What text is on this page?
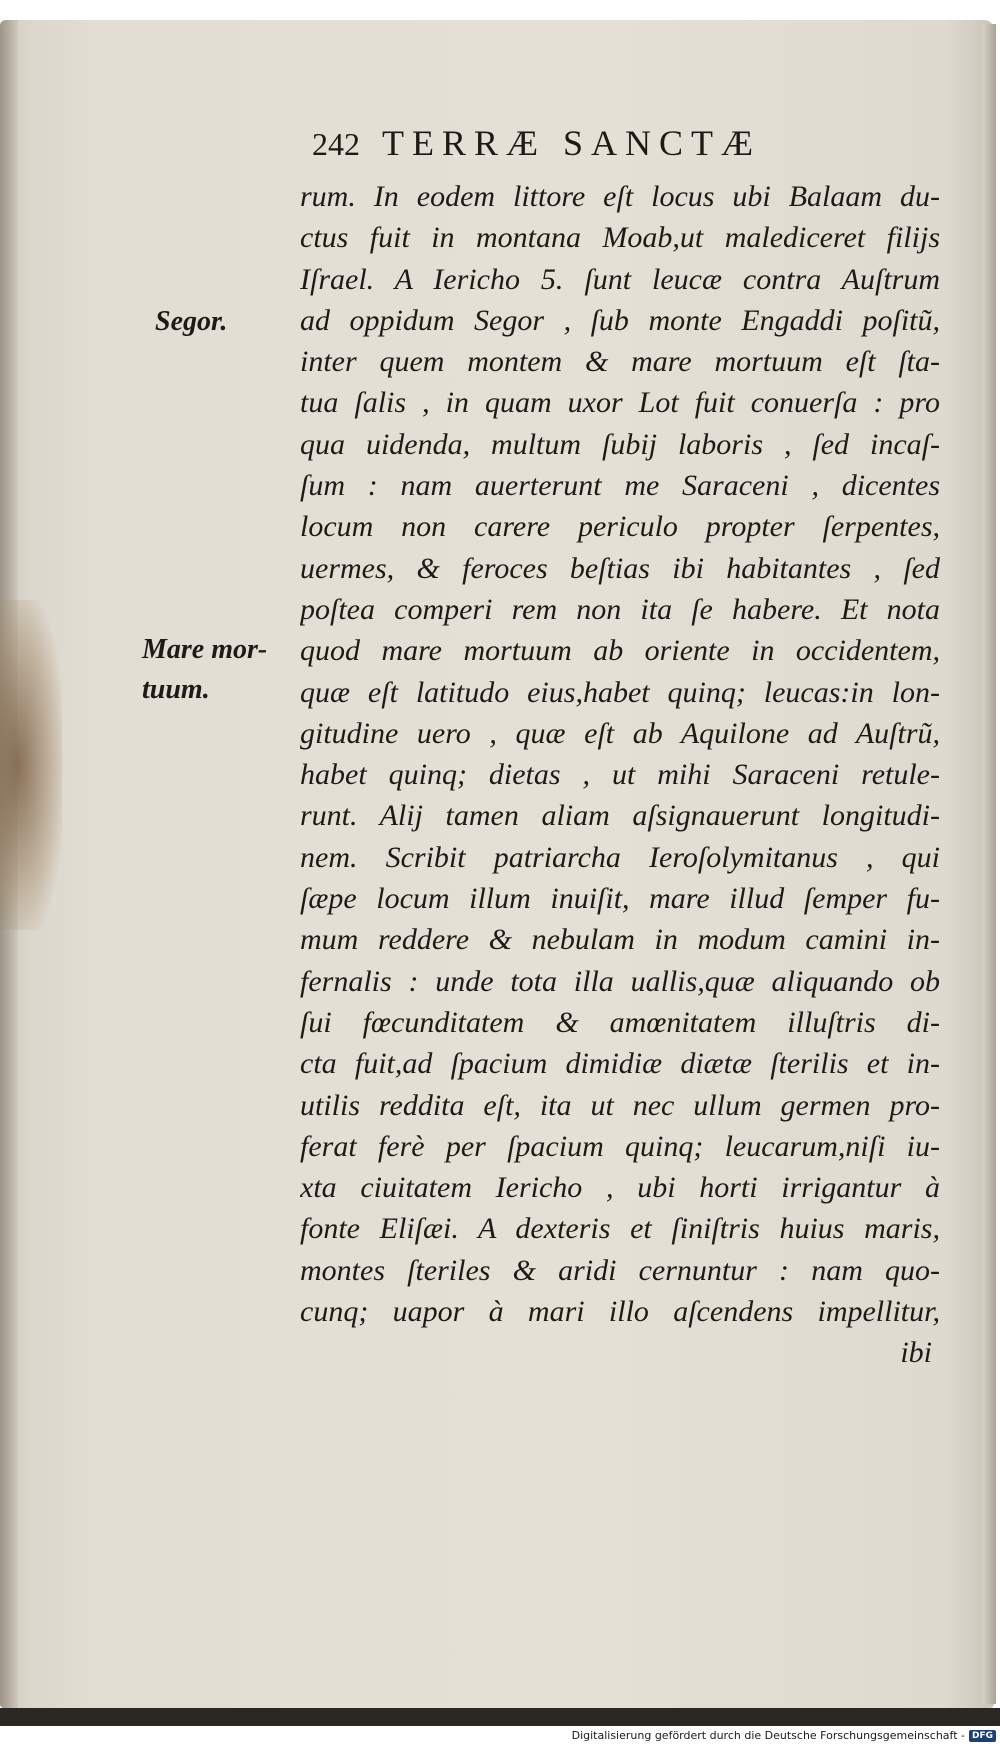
242 TERRÆ SANCTÆ
Segor.
Mare mor-
tuum.
rum. In eodem littore eſt locus ubi Balaam du-
ctus fuit in montana Moab,ut malediceret filijs
Iſrael. A Iericho 5. ſunt leucæ contra Auſtrum
ad oppidum Segor , ſub monte Engaddi poſitũ,
inter quem montem & mare mortuum eſt ſta-
tua ſalis , in quam uxor Lot fuit conuerſa : pro
qua uidenda, multum ſubij laboris , ſed incaſ-
ſum : nam auerterunt me Saraceni , dicentes
locum non carere periculo propter ſerpentes,
uermes, & feroces beſtias ibi habitantes , ſed
poſtea comperi rem non ita ſe habere. Et nota
quod mare mortuum ab oriente in occidentem,
quæ eſt latitudo eius,habet quinq; leucas:in lon-
gitudine uero , quæ eſt ab Aquilone ad Auſtrũ,
habet quinq; dietas , ut mihi Saraceni retule-
runt. Alij tamen aliam aſsignauerunt longitudi-
nem. Scribit patriarcha Ieroſolymitanus , qui
ſæpe locum illum inuiſit, mare illud ſemper fu-
mum reddere & nebulam in modum camini in-
fernalis : unde tota illa uallis,quæ aliquando ob
ſui fœcunditatem & amœnitatem illuſtris di-
cta fuit,ad ſpacium dimidiæ diætæ ſterilis et in-
utilis reddita eſt, ita ut nec ullum germen pro-
ferat ferè per ſpacium quinq; leucarum,niſi iu-
xta ciuitatem Iericho , ubi horti irrigantur à
fonte Eliſæi. A dexteris et ſiniſtris huius maris,
montes ſteriles & aridi cernuntur : nam quo-
cunq; uapor à mari illo aſcendens impellitur,
ibi
Digitalisierung gefördert durch die Deutsche Forschungsgemeinschaft - DFG
